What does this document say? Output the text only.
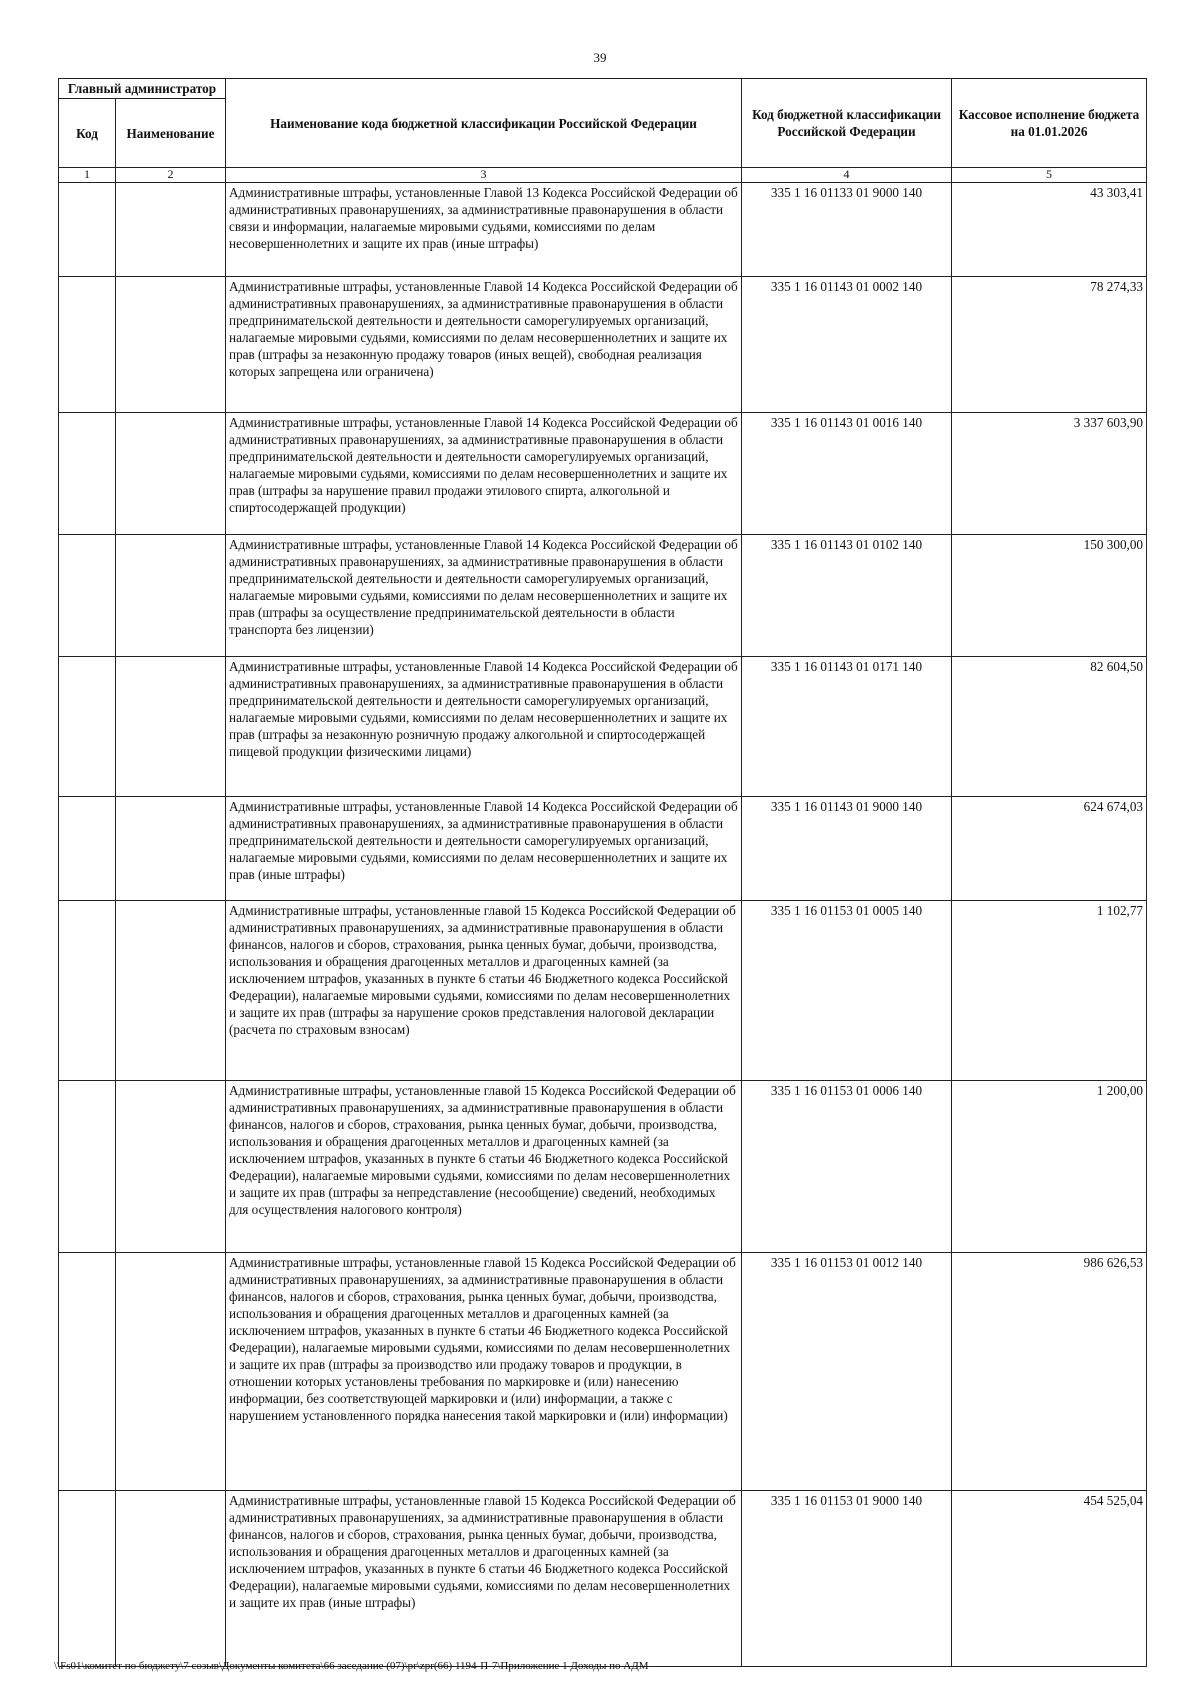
39
Главный администратор		Наименование кода бюджетной классификации Российской Федерации	Код бюджетной классификации Российской Федерации	Кассовое исполнение бюджета
на 01.01.2026
Код	Наименование			
1	2	3	4	5
		Административные штрафы, установленные Главой 13 Кодекса Российской Федерации об административных правонарушениях, за административные правонарушения в области связи и информации, налагаемые мировыми судьями, комиссиями по делам несовершеннолетних и защите их прав (иные штрафы)	335 1 16 01133 01 9000 140	43 303,41
		Административные штрафы, установленные Главой 14 Кодекса Российской Федерации об административных правонарушениях, за административные правонарушения в области предпринимательской деятельности и деятельности саморегулируемых организаций, налагаемые мировыми судьями, комиссиями по делам несовершеннолетних и защите их прав (штрафы за незаконную продажу товаров (иных вещей), свободная реализация которых запрещена или ограничена)	335 1 16 01143 01 0002 140	78 274,33
		Административные штрафы, установленные Главой 14 Кодекса Российской Федерации об административных правонарушениях, за административные правонарушения в области предпринимательской деятельности и деятельности саморегулируемых организаций, налагаемые мировыми судьями, комиссиями по делам несовершеннолетних и защите их прав (штрафы за нарушение правил продажи этилового спирта, алкогольной и спиртосодержащей продукции)	335 1 16 01143 01 0016 140	3 337 603,90
		Административные штрафы, установленные Главой 14 Кодекса Российской Федерации об административных правонарушениях, за административные правонарушения в области предпринимательской деятельности и деятельности саморегулируемых организаций, налагаемые мировыми судьями, комиссиями по делам несовершеннолетних и защите их прав (штрафы за осуществление предпринимательской деятельности в области транспорта без лицензии)	335 1 16 01143 01 0102 140	150 300,00
		Административные штрафы, установленные Главой 14 Кодекса Российской Федерации об административных правонарушениях, за административные правонарушения в области предпринимательской деятельности и деятельности саморегулируемых организаций, налагаемые мировыми судьями, комиссиями по делам несовершеннолетних и защите их прав (штрафы за незаконную розничную продажу алкогольной и спиртосодержащей пищевой продукции физическими лицами)	335 1 16 01143 01 0171 140	82 604,50
		Административные штрафы, установленные Главой 14 Кодекса Российской Федерации об административных правонарушениях, за административные правонарушения в области предпринимательской деятельности и деятельности саморегулируемых организаций, налагаемые мировыми судьями, комиссиями по делам несовершеннолетних и защите их прав (иные штрафы)	335 1 16 01143 01 9000 140	624 674,03
		Административные штрафы, установленные главой 15 Кодекса Российской Федерации об административных правонарушениях, за административные правонарушения в области финансов, налогов и сборов, страхования, рынка ценных бумаг, добычи, производства, использования и обращения драгоценных металлов и драгоценных камней (за исключением штрафов, указанных в пункте 6 статьи 46 Бюджетного кодекса Российской Федерации), налагаемые мировыми судьями, комиссиями по делам несовершеннолетних и защите их прав (штрафы за нарушение сроков представления налоговой декларации (расчета по страховым взносам)	335 1 16 01153 01 0005 140	1 102,77
		Административные штрафы, установленные главой 15 Кодекса Российской Федерации об административных правонарушениях, за административные правонарушения в области финансов, налогов и сборов, страхования, рынка ценных бумаг, добычи, производства, использования и обращения драгоценных металлов и драгоценных камней (за исключением штрафов, указанных в пункте 6 статьи 46 Бюджетного кодекса Российской Федерации), налагаемые мировыми судьями, комиссиями по делам несовершеннолетних и защите их прав (штрафы за непредставление (несообщение) сведений, необходимых для осуществления налогового контроля)	335 1 16 01153 01 0006 140	1 200,00
		Административные штрафы, установленные главой 15 Кодекса Российской Федерации об административных правонарушениях, за административные правонарушения в области финансов, налогов и сборов, страхования, рынка ценных бумаг, добычи, производства, использования и обращения драгоценных металлов и драгоценных камней (за исключением штрафов, указанных в пункте 6 статьи 46 Бюджетного кодекса Российской Федерации), налагаемые мировыми судьями, комиссиями по делам несовершеннолетних и защите их прав (штрафы за производство или продажу товаров и продукции, в отношении которых установлены требования по маркировке и (или) нанесению информации, без соответствующей маркировки и (или) информации, а также с нарушением установленного порядка нанесения такой маркировки и (или) информации)	335 1 16 01153 01 0012 140	986 626,53
		Административные штрафы, установленные главой 15 Кодекса Российской Федерации об административных правонарушениях, за административные правонарушения в области финансов, налогов и сборов, страхования, рынка ценных бумаг, добычи, производства, использования и обращения драгоценных металлов и драгоценных камней (за исключением штрафов, указанных в пункте 6 статьи 46 Бюджетного кодекса Российской Федерации), налагаемые мировыми судьями, комиссиями по делам несовершеннолетних и защите их прав (иные штрафы)	335 1 16 01153 01 9000 140	454 525,04
\\Fs01\комитет по бюджету\7 созыв\Документы комитета\66 заседание (07)\pr\zpr(66) 1194-П-7\Приложение 1 Доходы по АДМ
